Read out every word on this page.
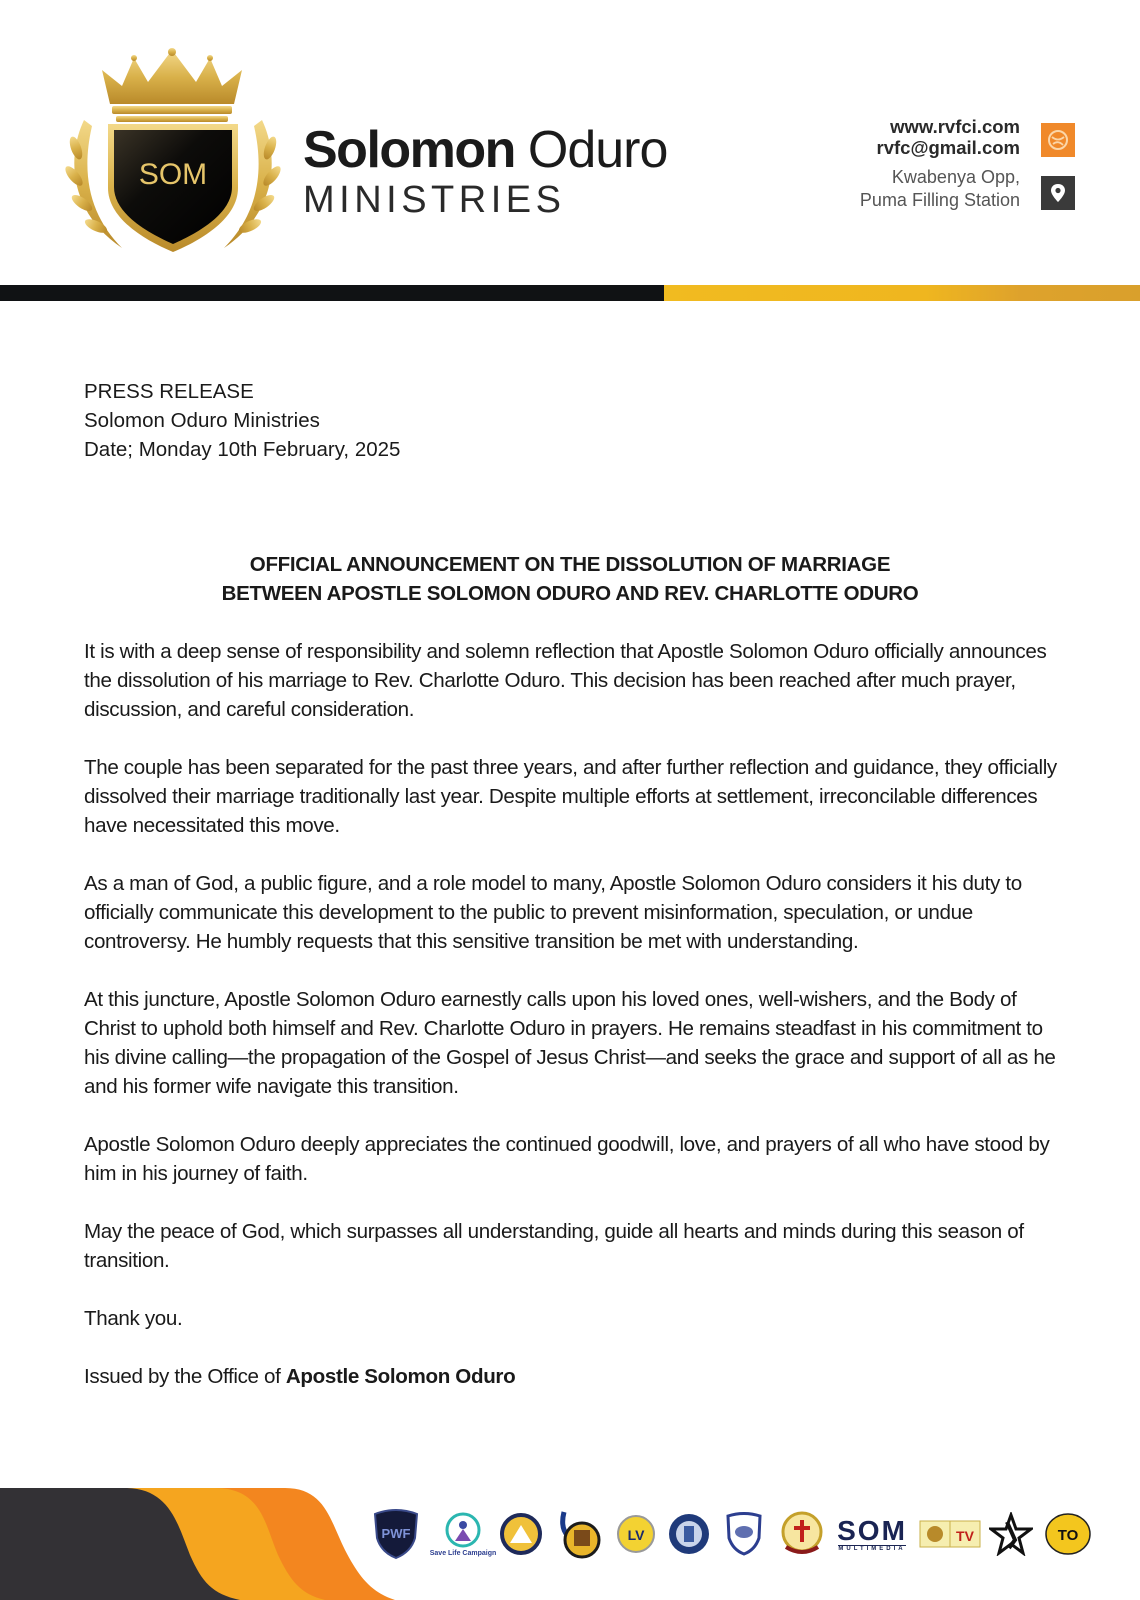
SOM Solomon Oduro
MINISTRIES
www.rvfci.com
rvfc@gmail.com
Kwabenya Opp,
Puma Filling Station
PRESS RELEASE
Solomon Oduro Ministries
Date; Monday 10th February, 2025
OFFICIAL ANNOUNCEMENT ON THE DISSOLUTION OF MARRIAGE
BETWEEN APOSTLE SOLOMON ODURO AND REV. CHARLOTTE ODURO

It is with a deep sense of responsibility and solemn reflection that Apostle Solomon Oduro officially announces the dissolution of his marriage to Rev. Charlotte Oduro. This decision has been reached after much prayer, discussion, and careful consideration.

The couple has been separated for the past three years, and after further reflection and guidance, they officially dissolved their marriage traditionally last year. Despite multiple efforts at settlement, irreconcilable differences have necessitated this move.

As a man of God, a public figure, and a role model to many, Apostle Solomon Oduro considers it his duty to officially communicate this development to the public to prevent misinformation, speculation, or undue controversy. He humbly requests that this sensitive transition be met with understanding.

At this juncture, Apostle Solomon Oduro earnestly calls upon his loved ones, well-wishers, and the Body of Christ to uphold both himself and Rev. Charlotte Oduro in prayers. He remains steadfast in his commitment to his divine calling—the propagation of the Gospel of Jesus Christ—and seeks the grace and support of all as he and his former wife navigate this transition.

Apostle Solomon Oduro deeply appreciates the continued goodwill, love, and prayers of all who have stood by him in his journey of faith.

May the peace of God, which surpasses all understanding, guide all hearts and minds during this season of transition.

Thank you.

Issued by the Office of Apostle Solomon Oduro

PWF
Save Life Campaign
LV	SOM
MULTIMEDIA
TV	TO
